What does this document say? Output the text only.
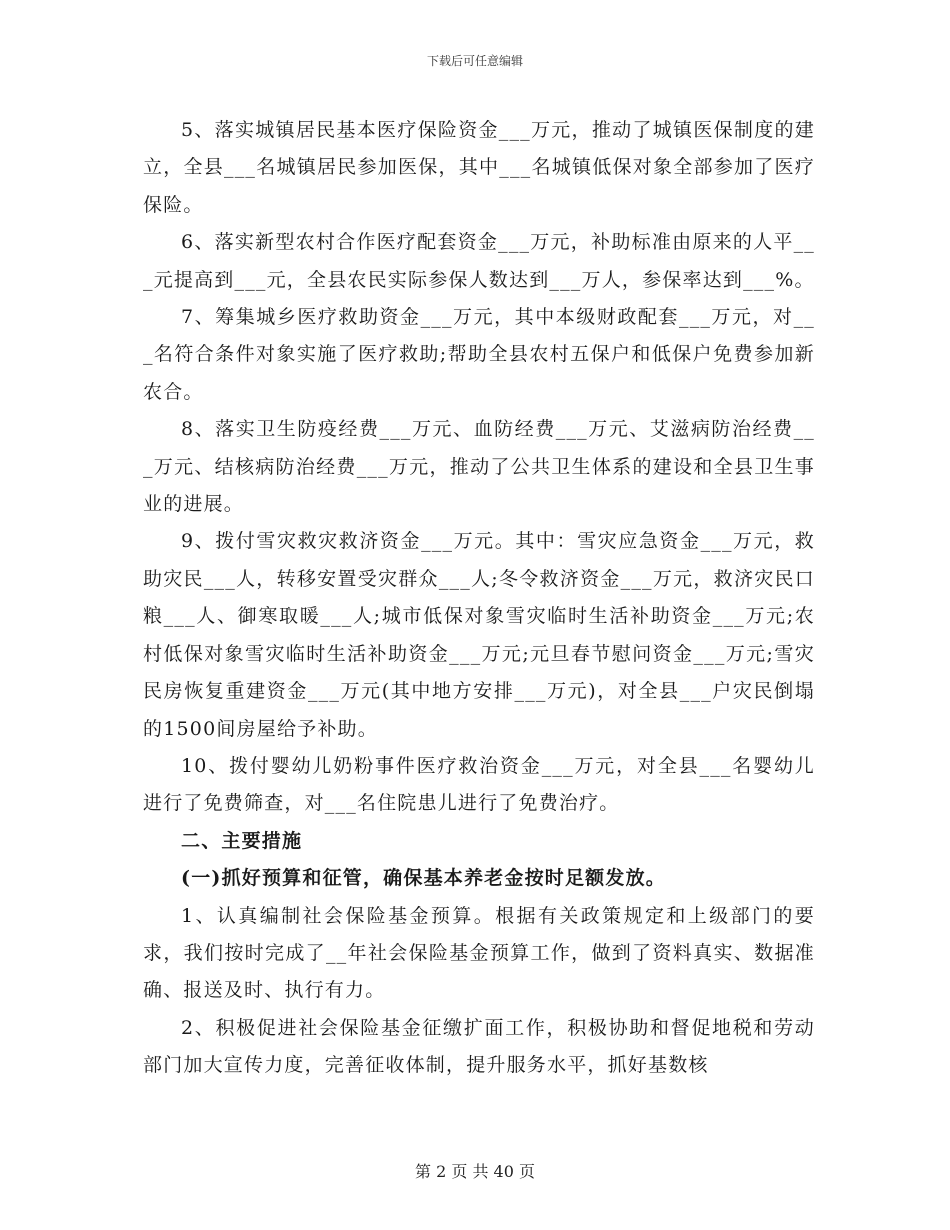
下载后可任意编辑

5、落实城镇居民基本医疗保险资金___万元，推动了城镇医保制度的建立，全县___名城镇居民参加医保，其中___名城镇低保对象全部参加了医疗保险。

6、落实新型农村合作医疗配套资金___万元，补助标准由原来的人平___元提高到___元，全县农民实际参保人数达到___万人，参保率达到___%。

7、筹集城乡医疗救助资金___万元，其中本级财政配套___万元，对___名符合条件对象实施了医疗救助;帮助全县农村五保户和低保户免费参加新农合。

8、落实卫生防疫经费___万元、血防经费___万元、艾滋病防治经费___万元、结核病防治经费___万元，推动了公共卫生体系的建设和全县卫生事业的进展。

9、拨付雪灾救灾救济资金___万元。其中：雪灾应急资金___万元，救助灾民___人，转移安置受灾群众___人;冬令救济资金___万元，救济灾民口粮___人、御寒取暖___人;城市低保对象雪灾临时生活补助资金___万元;农村低保对象雪灾临时生活补助资金___万元;元旦春节慰问资金___万元;雪灾民房恢复重建资金___万元(其中地方安排___万元)，对全县___户灾民倒塌的1500间房屋给予补助。

10、拨付婴幼儿奶粉事件医疗救治资金___万元，对全县___名婴幼儿进行了免费筛查，对___名住院患儿进行了免费治疗。

二、主要措施

(一)抓好预算和征管，确保基本养老金按时足额发放。

1、认真编制社会保险基金预算。根据有关政策规定和上级部门的要求，我们按时完成了__年社会保险基金预算工作，做到了资料真实、数据准确、报送及时、执行有力。

2、积极促进社会保险基金征缴扩面工作，积极协助和督促地税和劳动部门加大宣传力度，完善征收体制，提升服务水平，抓好基数核

第 2 页 共 40 页
